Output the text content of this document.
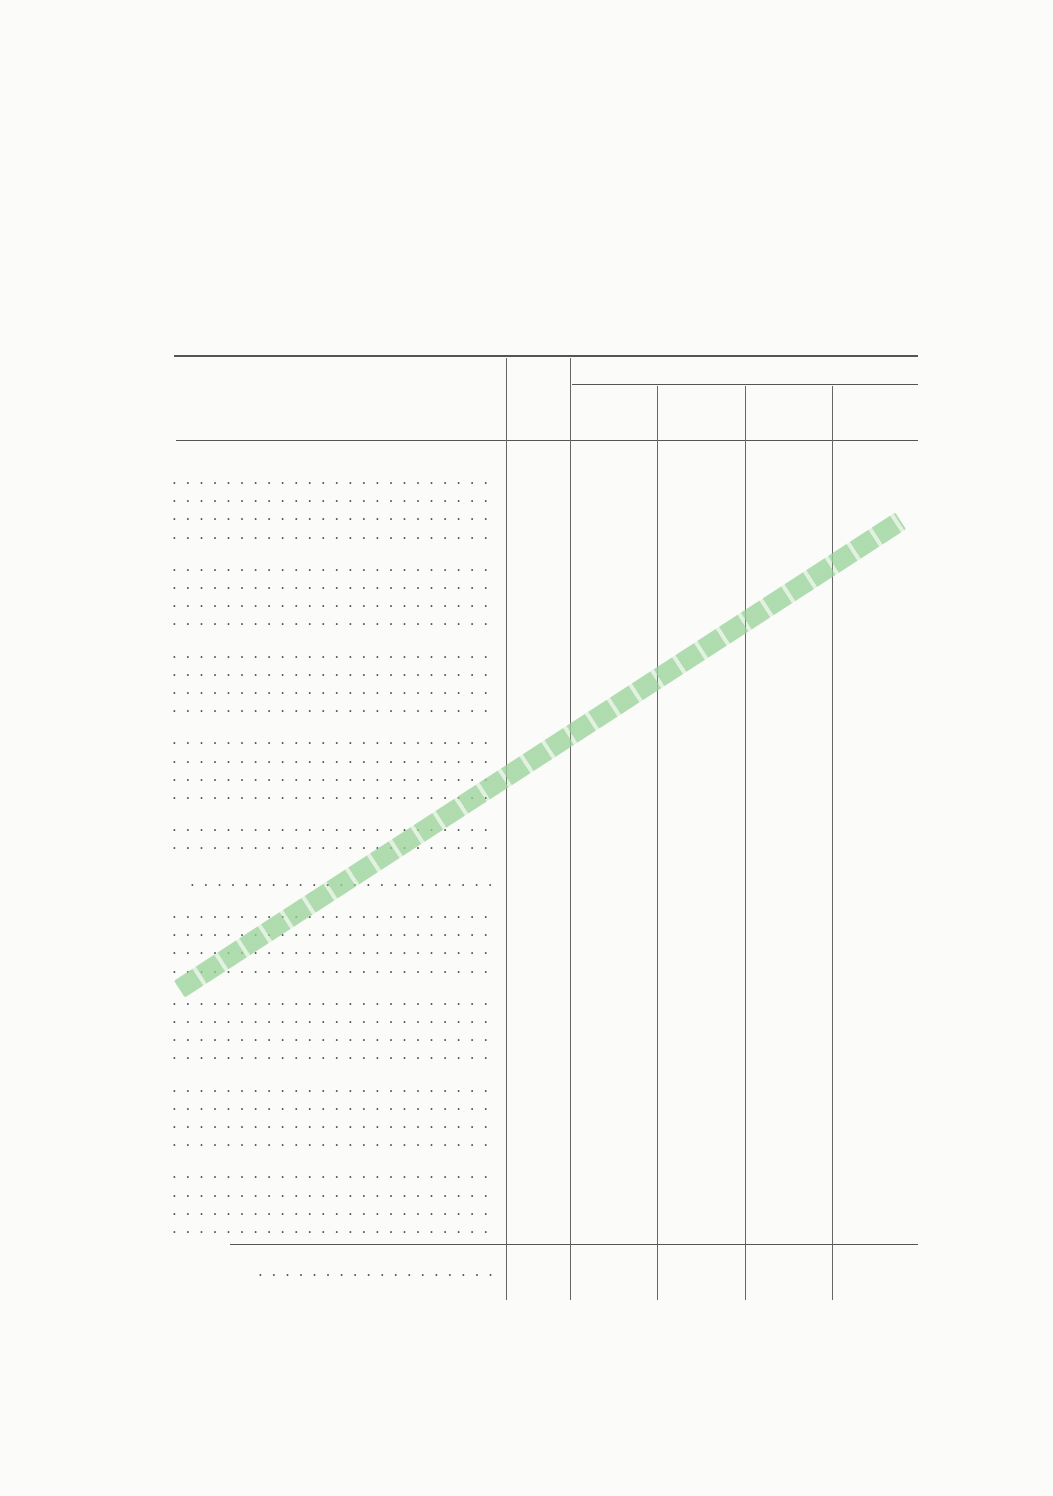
. . .
. . .
. . .
. . .
. . .
. . .
. . .
. . .
. . .
. . .
. . .
. . .
. . .
. . .
. . .
. . .
. . .
. . .
. . .
. . .
. . .
. . .
. . .
. . .
. . .
. . .
. . .
. . .
. . .
. . .
. . .
. . .
. . .
. . .
. . .
. . .
